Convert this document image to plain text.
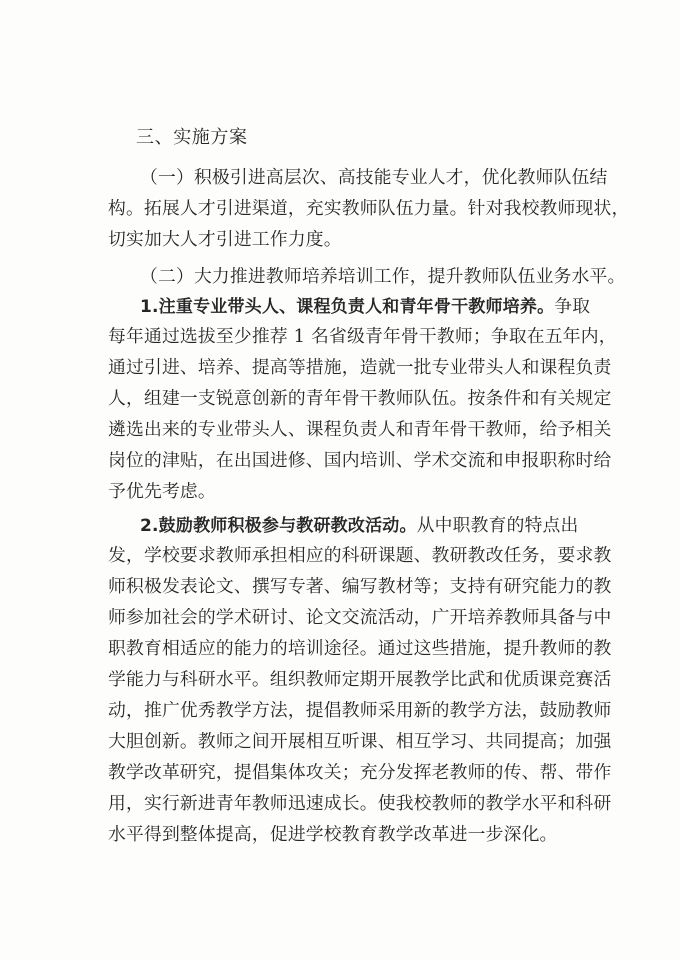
三、实施方案
（一）积极引进高层次、高技能专业人才，优化教师队伍结
构。拓展人才引进渠道，充实教师队伍力量。针对我校教师现状，
切实加大人才引进工作力度。
（二）大力推进教师培养培训工作，提升教师队伍业务水平。
1.注重专业带头人、课程负责人和青年骨干教师培养。争取
每年通过选拔至少推荐 1 名省级青年骨干教师；争取在五年内，
通过引进、培养、提高等措施，造就一批专业带头人和课程负责
人，组建一支锐意创新的青年骨干教师队伍。按条件和有关规定
遴选出来的专业带头人、课程负责人和青年骨干教师，给予相关
岗位的津贴，在出国进修、国内培训、学术交流和申报职称时给
予优先考虑。
2.鼓励教师积极参与教研教改活动。从中职教育的特点出
发，学校要求教师承担相应的科研课题、教研教改任务，要求教
师积极发表论文、撰写专著、编写教材等；支持有研究能力的教
师参加社会的学术研讨、论文交流活动，广开培养教师具备与中
职教育相适应的能力的培训途径。通过这些措施，提升教师的教
学能力与科研水平。组织教师定期开展教学比武和优质课竞赛活
动，推广优秀教学方法，提倡教师采用新的教学方法，鼓励教师
大胆创新。教师之间开展相互听课、相互学习、共同提高；加强
教学改革研究，提倡集体攻关；充分发挥老教师的传、帮、带作
用，实行新进青年教师迅速成长。使我校教师的教学水平和科研
水平得到整体提高，促进学校教育教学改革进一步深化。
